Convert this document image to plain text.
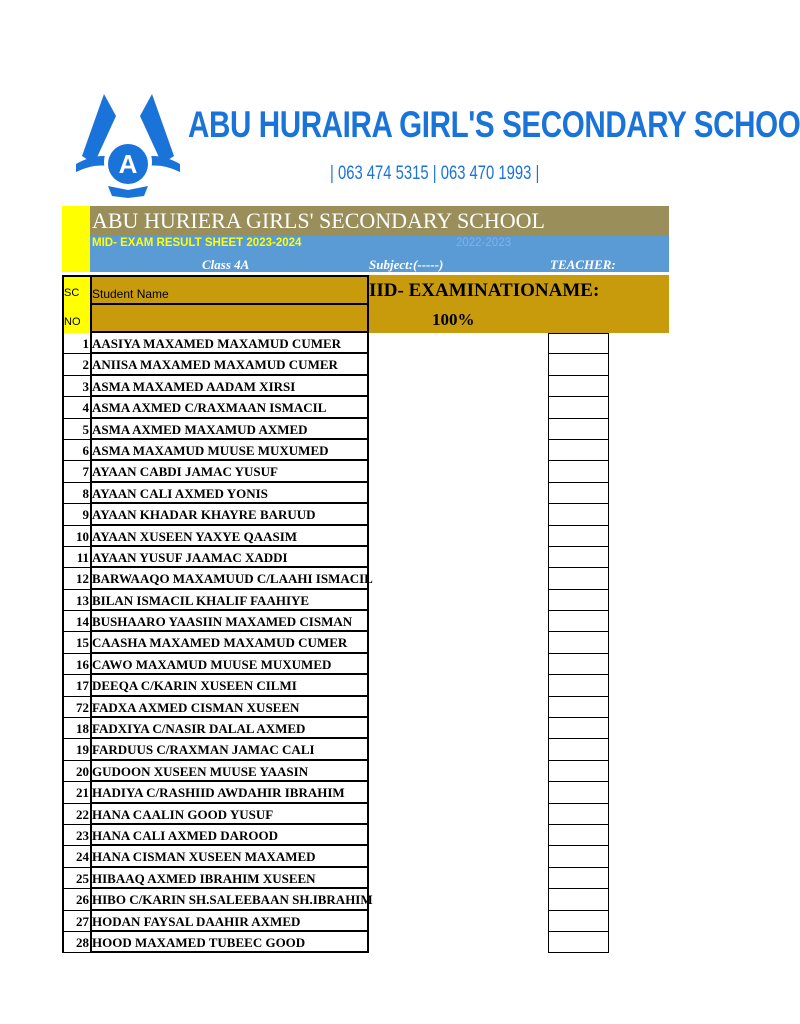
A
ABU HURAIRA GIRL'S SECONDARY SCHOO
| 063 474 5315 | 063 470 1993 |
ABU HURIERA GIRLS' SECONDARY SCHOOL
MID- EXAM RESULT SHEET 2023-2024	2022-2023
Class 4A	Subject:(-----)	TEACHER:
SC
NO
Student Name	IID- EXAMINATIONAME:
100%
1 AASIYA MAXAMED MAXAMUD CUMER
2 ANIISA MAXAMED MAXAMUD CUMER
3 ASMA MAXAMED AADAM XIRSI
4 ASMA AXMED C/RAXMAAN ISMACIL
5 ASMA AXMED MAXAMUD AXMED
6 ASMA MAXAMUD MUUSE MUXUMED
7 AYAAN CABDI JAMAC YUSUF
8 AYAAN CALI AXMED YONIS
9 AYAAN KHADAR KHAYRE BARUUD
10 AYAAN XUSEEN YAXYE QAASIM
11 AYAAN YUSUF JAAMAC XADDI
12 BARWAAQO MAXAMUUD C/LAAHI ISMACIL
13 BILAN ISMACIL KHALIF FAAHIYE
14 BUSHAARO YAASIIN MAXAMED CISMAN
15 CAASHA MAXAMED MAXAMUD CUMER
16 CAWO MAXAMUD MUUSE MUXUMED
17 DEEQA C/KARIN XUSEEN CILMI
72 FADXA AXMED CISMAN XUSEEN
18 FADXIYA C/NASIR DALAL AXMED
19 FARDUUS C/RAXMAN JAMAC CALI
20 GUDOON XUSEEN MUUSE YAASIN
21 HADIYA C/RASHIID AWDAHIR IBRAHIM
22 HANA CAALIN GOOD YUSUF
23 HANA CALI AXMED DAROOD
24 HANA CISMAN XUSEEN MAXAMED
25 HIBAAQ AXMED IBRAHIM XUSEEN
26 HIBO C/KARIN SH.SALEEBAAN SH.IBRAHIM
27 HODAN FAYSAL DAAHIR AXMED
28 HOOD MAXAMED TUBEEC GOOD
